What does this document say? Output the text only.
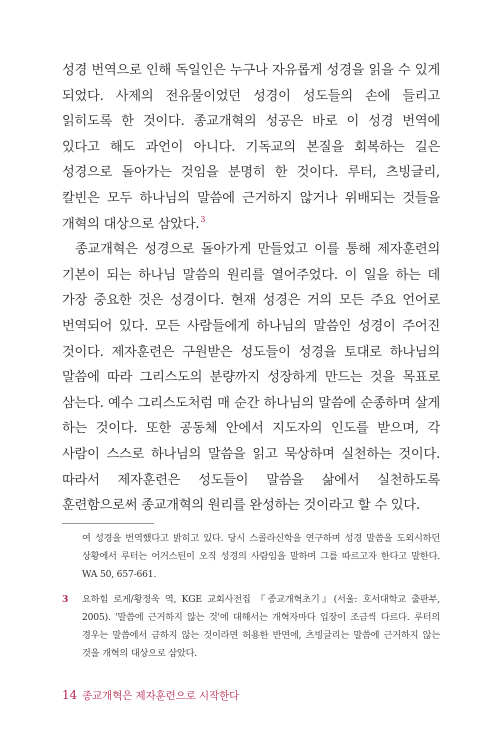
성경 번역으로 인해 독일인은 누구나 자유롭게 성경을 읽을 수 있게 되었다. 사제의 전유물이었던 성경이 성도들의 손에 들리고 읽히도록 한 것이다. 종교개혁의 성공은 바로 이 성경 번역에 있다고 해도 과언이 아니다. 기독교의 본질을 회복하는 길은 성경으로 돌아가는 것임을 분명히 한 것이다. 루터, 츠빙글리, 칼빈은 모두 하나님의 말씀에 근거하지 않거나 위배되는 것들을 개혁의 대상으로 삼았다.$^3$

종교개혁은 성경으로 돌아가게 만들었고 이를 통해 제자훈련의 기본이 되는 하나님 말씀의 원리를 열어주었다. 이 일을 하는 데 가장 중요한 것은 성경이다. 현재 성경은 거의 모든 주요 언어로 번역되어 있다. 모든 사람들에게 하나님의 말씀인 성경이 주어진 것이다. 제자훈련은 구원받은 성도들이 성경을 토대로 하나님의 말씀에 따라 그리스도의 분량까지 성장하게 만드는 것을 목표로 삼는다. 예수 그리스도처럼 매 순간 하나님의 말씀에 순종하며 살게 하는 것이다. 또한 공동체 안에서 지도자의 인도를 받으며, 각 사람이 스스로 하나님의 말씀을 읽고 묵상하며 실천하는 것이다. 따라서 제자훈련은 성도들이 말씀을 삶에서 실천하도록 훈련함으로써 종교개혁의 원리를 완성하는 것이라고 할 수 있다.

여 성경을 번역했다고 밝히고 있다. 당시 스콜라신학을 연구하며 성경 말씀을 도외시하던 상황에서 루터는 어거스틴이 오직 성경의 사람임을 말하며 그를 따르고자 한다고 말한다. WA 50, 657-661.
3	요하힘 로게/황정욱 역, KGE 교회사전집 『종교개혁초기』(서울: 호서대학교 출판부, 2005). '말씀에 근거하지 않는 것'에 대해서는 개혁자마다 입장이 조금씩 다르다. 루터의 경우는 말씀에서 금하지 않는 것이라면 허용한 반면에, 츠빙글리는 말씀에 근거하지 않는 것을 개혁의 대상으로 삼았다.
14 종교개혁은 제자훈련으로 시작한다
